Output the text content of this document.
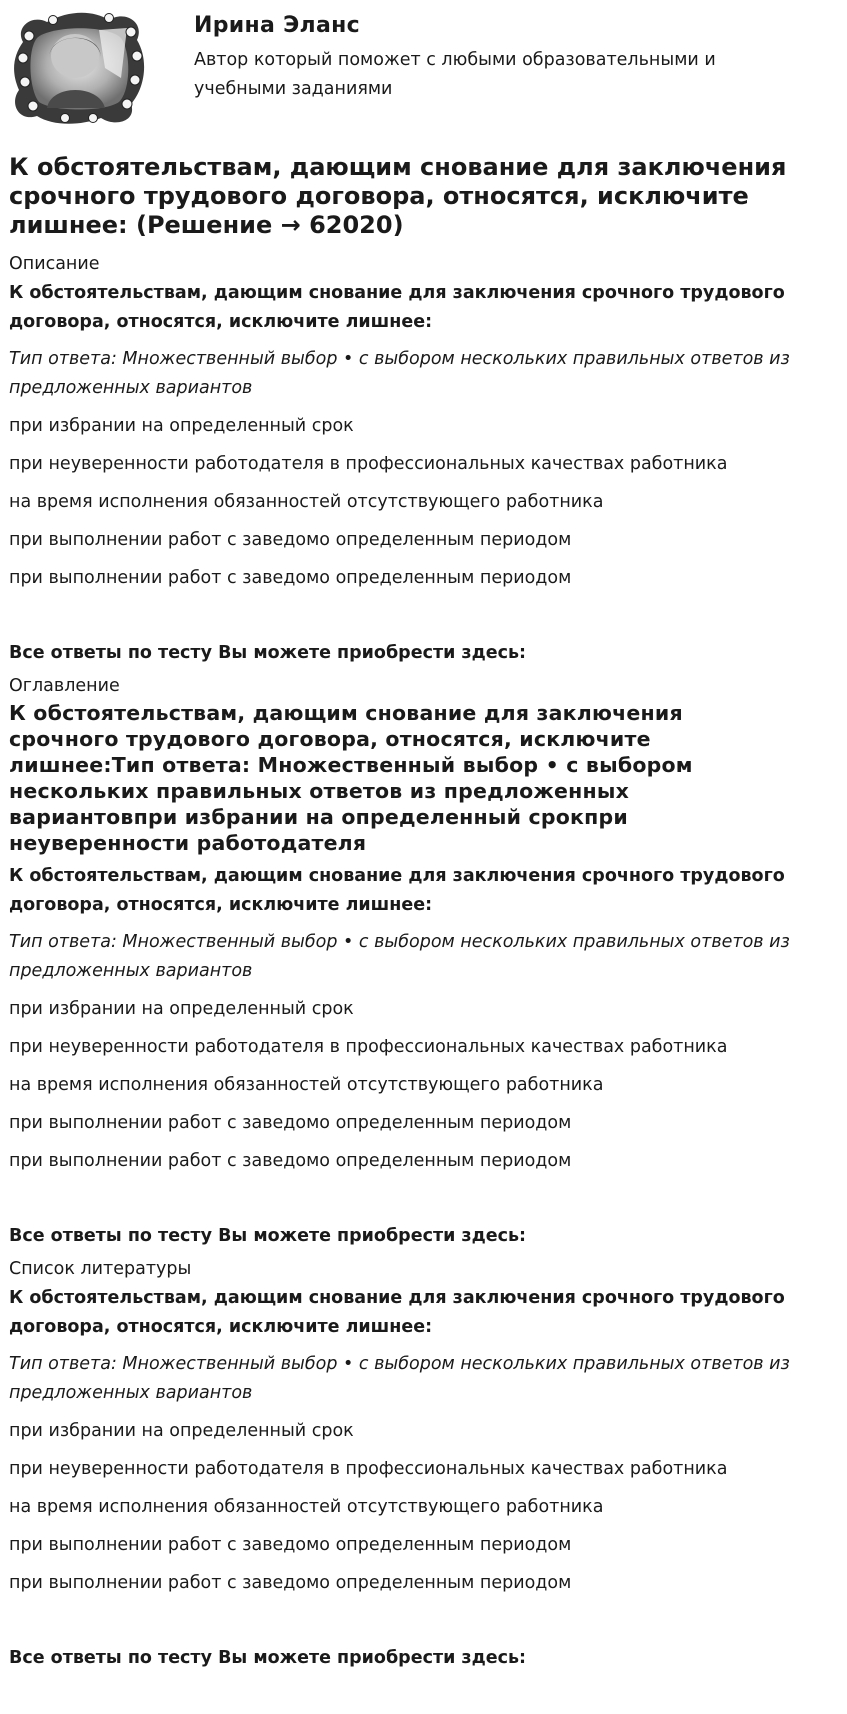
Ирина Эланс
Автор который поможет с любыми образовательными и учебными заданиями
К обстоятельствам, дающим снование для заключения срочного трудового договора, относятся, исключите лишнее: (Решение → 62020)
Описание
К обстоятельствам, дающим снование для заключения срочного трудового договора, относятся, исключите лишнее:
Тип ответа: Множественный выбор • с выбором нескольких правильных ответов из предложенных вариантов
при избрании на определенный срок
при неуверенности работодателя в профессиональных качествах работника
на время исполнения обязанностей отсутствующего работника
при выполнении работ с заведомо определенным периодом
при выполнении работ с заведомо определенным периодом
Все ответы по тесту Вы можете приобрести здесь:
Оглавление
К обстоятельствам, дающим снование для заключения срочного трудового договора, относятся, исключите лишнее:Тип ответа: Множественный выбор • с выбором нескольких правильных ответов из предложенных вариантовпри избрании на определенный срокпри неуверенности работодателя
К обстоятельствам, дающим снование для заключения срочного трудового договора, относятся, исключите лишнее:
Тип ответа: Множественный выбор • с выбором нескольких правильных ответов из предложенных вариантов
при избрании на определенный срок
при неуверенности работодателя в профессиональных качествах работника
на время исполнения обязанностей отсутствующего работника
при выполнении работ с заведомо определенным периодом
при выполнении работ с заведомо определенным периодом
Все ответы по тесту Вы можете приобрести здесь:
Список литературы
К обстоятельствам, дающим снование для заключения срочного трудового договора, относятся, исключите лишнее:
Тип ответа: Множественный выбор • с выбором нескольких правильных ответов из предложенных вариантов
при избрании на определенный срок
при неуверенности работодателя в профессиональных качествах работника
на время исполнения обязанностей отсутствующего работника
при выполнении работ с заведомо определенным периодом
при выполнении работ с заведомо определенным периодом
Все ответы по тесту Вы можете приобрести здесь:
